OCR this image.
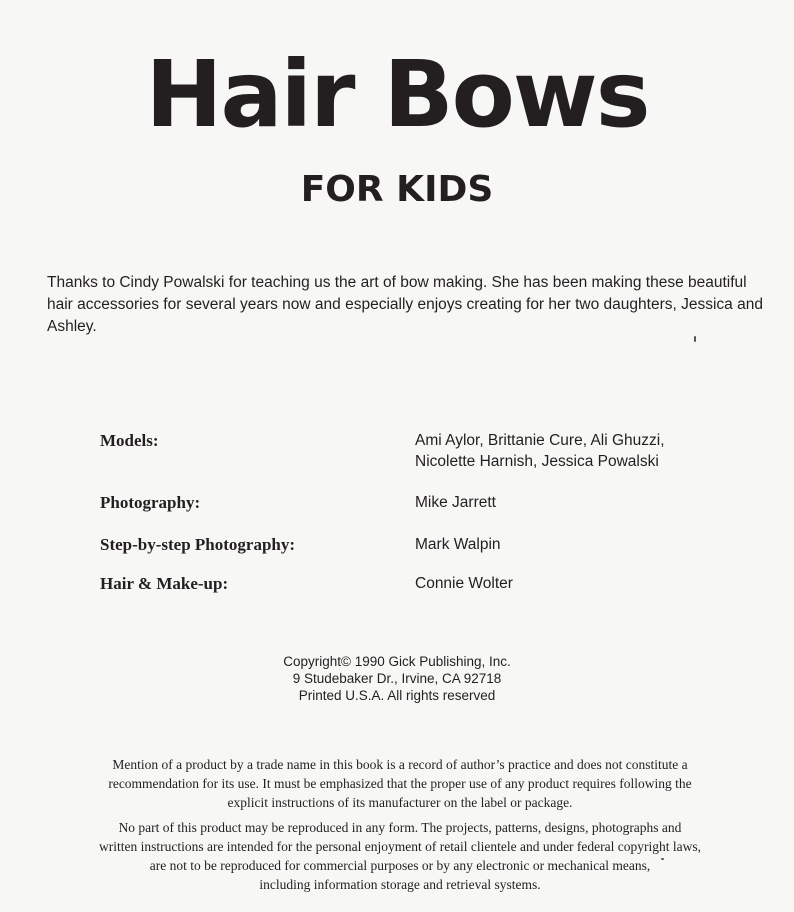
Hair Bows
FOR KIDS
Thanks to Cindy Powalski for teaching us the art of bow making. She has been making these beautiful hair accessories for several years now and especially enjoys creating for her two daughters, Jessica and Ashley.
Models:	Ami Aylor, Brittanie Cure, Ali Ghuzzi,
Nicolette Harnish, Jessica Powalski
Photography:	Mike Jarrett
Step-by-step Photography:	Mark Walpin
Hair & Make-up:	Connie Wolter
Copyright© 1990 Gick Publishing, Inc.
9 Studebaker Dr., Irvine, CA 92718
Printed U.S.A. All rights reserved
Mention of a product by a trade name in this book is a record of author’s practice and does not constitute a
recommendation for its use. It must be emphasized that the proper use of any product requires following the
explicit instructions of its manufacturer on the label or package.
No part of this product may be reproduced in any form. The projects, patterns, designs, photographs and
written instructions are intended for the personal enjoyment of retail clientele and under federal copyright laws,
are not to be reproduced for commercial purposes or by any electronic or mechanical means,
including information storage and retrieval systems.
